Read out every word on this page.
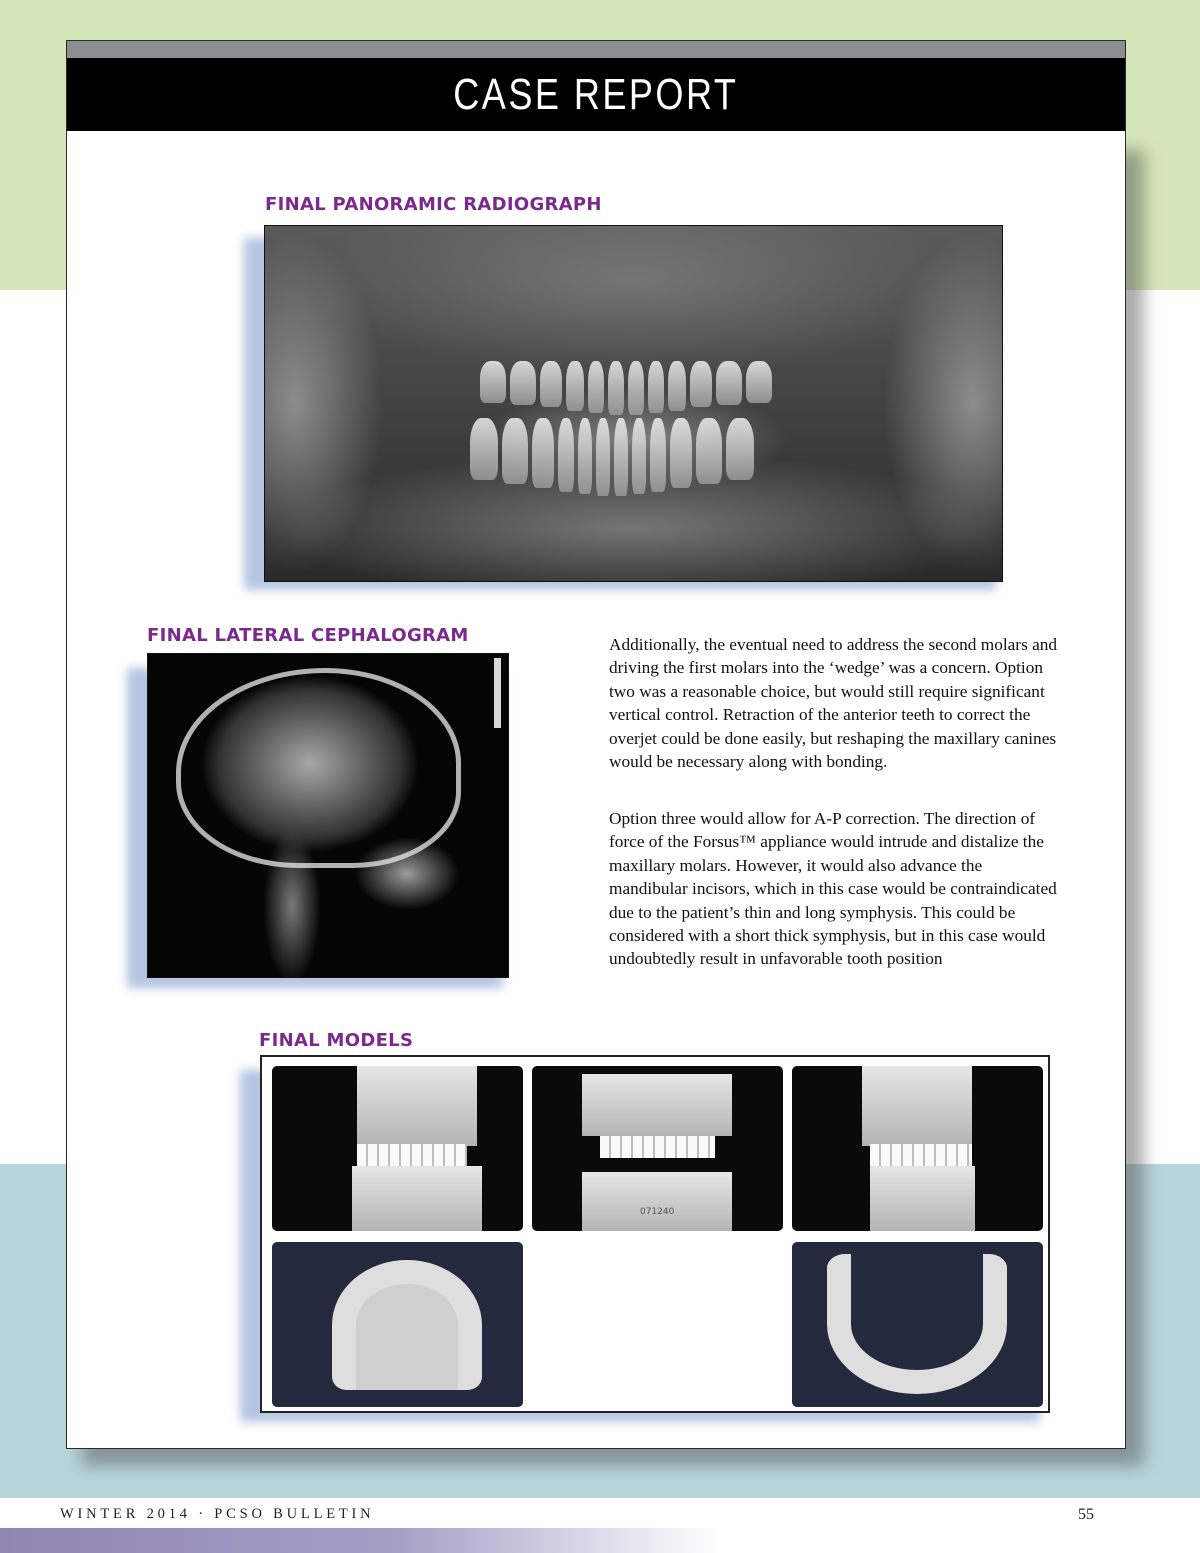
CASE REPORT
FINAL PANORAMIC RADIOGRAPH
FINAL LATERAL CEPHALOGRAM	Additionally, the eventual need to address the second molars and driving the first molars into the ‘wedge’ was a concern. Option two was a reasonable choice, but would still require significant vertical control. Retraction of the anterior teeth to correct the overjet could be done easily, but reshaping the maxillary canines would be necessary along with bonding.

Option three would allow for A-P correction. The direction of force of the Forsus™ appliance would intrude and distalize the maxillary molars. However, it would also advance the mandibular incisors, which in this case would be contraindicated due to the patient’s thin and long symphysis. This could be considered with a short thick symphysis, but in this case would undoubtedly result in unfavorable tooth position

FINAL MODELS
071240
WINTER 2014 · PCSO BULLETIN	55
